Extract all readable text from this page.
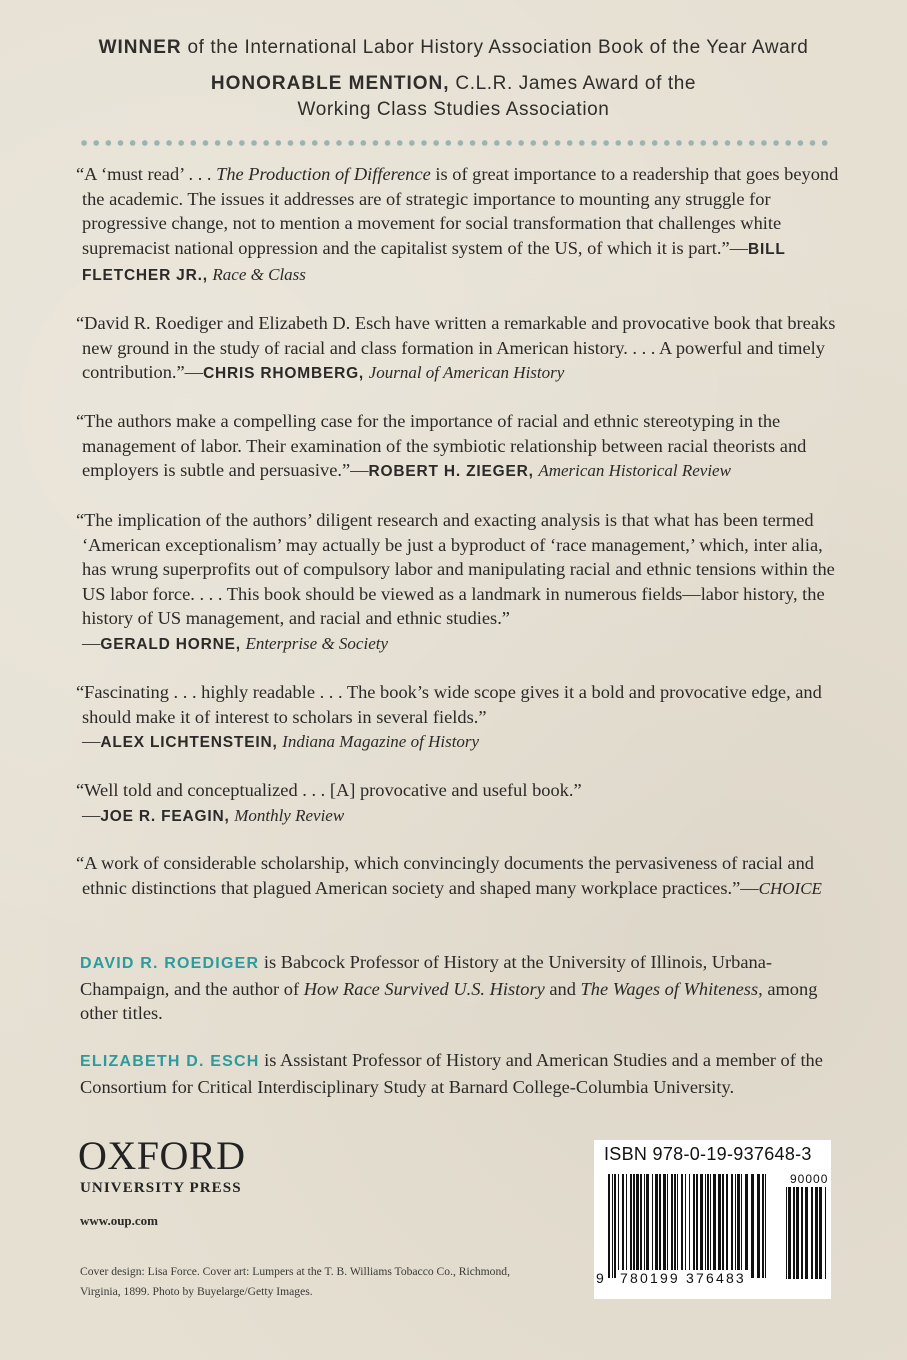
WINNER of the International Labor History Association Book of the Year Award
HONORABLE MENTION, C.L.R. James Award of the
Working Class Studies Association

“A ‘must read’ . . . The Production of Difference is of great importance to a readership that goes beyond the academic. The issues it addresses are of strategic importance to mounting any struggle for progressive change, not to mention a movement for social transformation that challenges white supremacist national oppression and the capitalist system of the US, of which it is part.”—BILL FLETCHER JR., Race & Class

“David R. Roediger and Elizabeth D. Esch have written a remarkable and provocative book that breaks new ground in the study of racial and class formation in American history. . . . A powerful and timely contribution.”—CHRIS RHOMBERG, Journal of American History

“The authors make a compelling case for the importance of racial and ethnic stereotyping in the management of labor. Their examination of the symbiotic relationship between racial theorists and employers is subtle and persuasive.”—ROBERT H. ZIEGER, American Historical Review

“The implication of the authors’ diligent research and exacting analysis is that what has been termed ‘American exceptionalism’ may actually be just a byproduct of ‘race management,’ which, inter alia, has wrung superprofits out of compulsory labor and manipulating racial and ethnic tensions within the US labor force. . . . This book should be viewed as a landmark in numerous fields—labor history, the history of US management, and racial and ethnic studies.”
—GERALD HORNE, Enterprise & Society

“Fascinating . . . highly readable . . . The book’s wide scope gives it a bold and provocative edge, and should make it of interest to scholars in several fields.”
—ALEX LICHTENSTEIN, Indiana Magazine of History

“Well told and conceptualized . . . [A] provocative and useful book.”
—JOE R. FEAGIN, Monthly Review

“A work of considerable scholarship, which convincingly documents the pervasiveness of racial and ethnic distinctions that plagued American society and shaped many workplace practices.”—CHOICE

DAVID R. ROEDIGER is Babcock Professor of History at the University of Illinois, Urbana-Champaign, and the author of How Race Survived U.S. History and The Wages of Whiteness, among other titles.
ELIZABETH D. ESCH is Assistant Professor of History and American Studies and a member of the Consortium for Critical Interdisciplinary Study at Barnard College-Columbia University.
OXFORD
UNIVERSITY PRESS
www.oup.com
Cover design: Lisa Force. Cover art: Lumpers at the T. B. Williams Tobacco Co., Richmond, Virginia, 1899. Photo by Buyelarge/Getty Images.
ISBN 978-0-19-937648-3
90000
9 780199 376483
